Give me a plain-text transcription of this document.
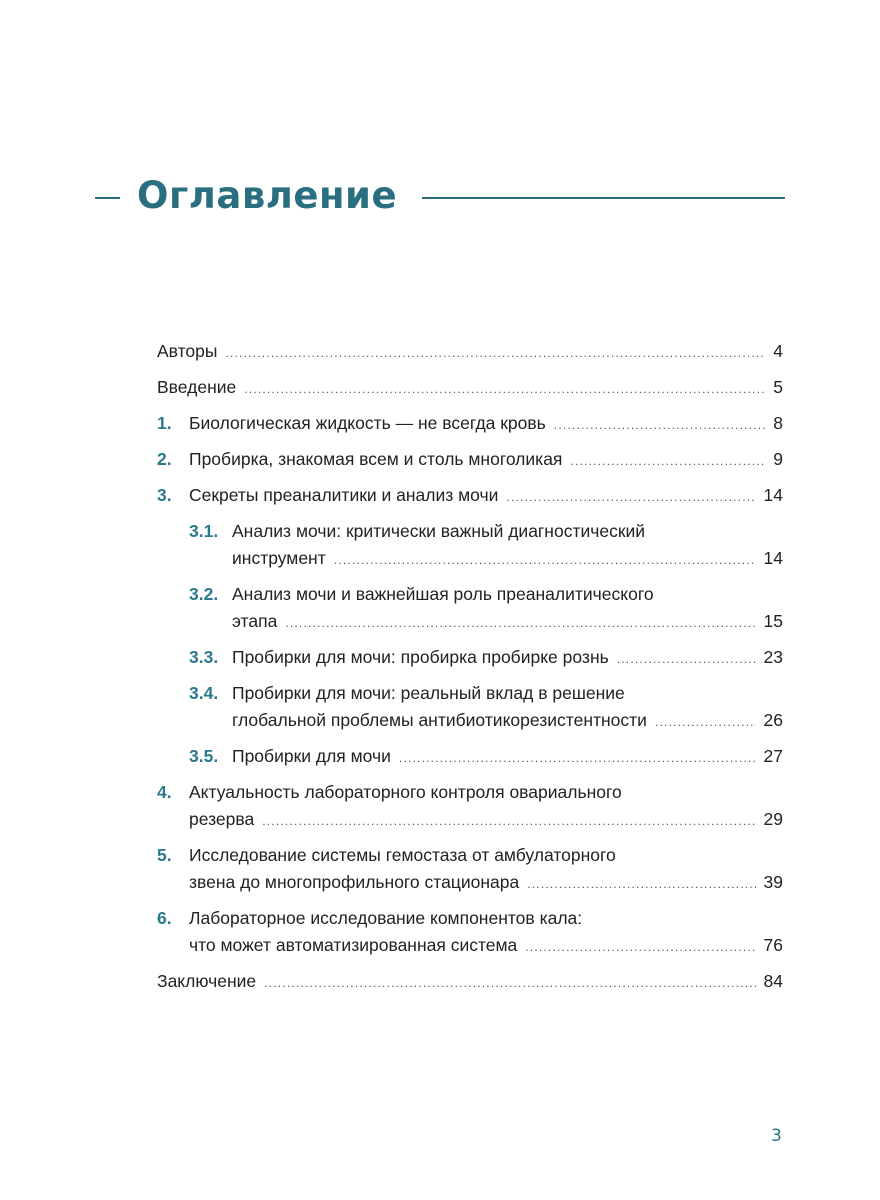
Оглавление
Авторы .....	4
Введение .....	5
1. Биологическая жидкость — не всегда кровь .....	8
2. Пробирка, знакомая всем и столь многоликая .....	9
3. Секреты преаналитики и анализ мочи .....	14
3.1. Анализ мочи: критически важный диагностический
инструмент .....	14
3.2. Анализ мочи и важнейшая роль преаналитического
этапа .....	15
3.3. Пробирки для мочи: пробирка пробирке рознь .....	23
3.4. Пробирки для мочи: реальный вклад в решение
глобальной проблемы антибиотикорезистентности .....	26
3.5. Пробирки для мочи .....	27
4. Актуальность лабораторного контроля овариального
резерва .....	29
5. Исследование системы гемостаза от амбулаторного
звена до многопрофильного стационара .....	39
6. Лабораторное исследование компонентов кала:
что может автоматизированная система .....	76
Заключение .....	84
3
